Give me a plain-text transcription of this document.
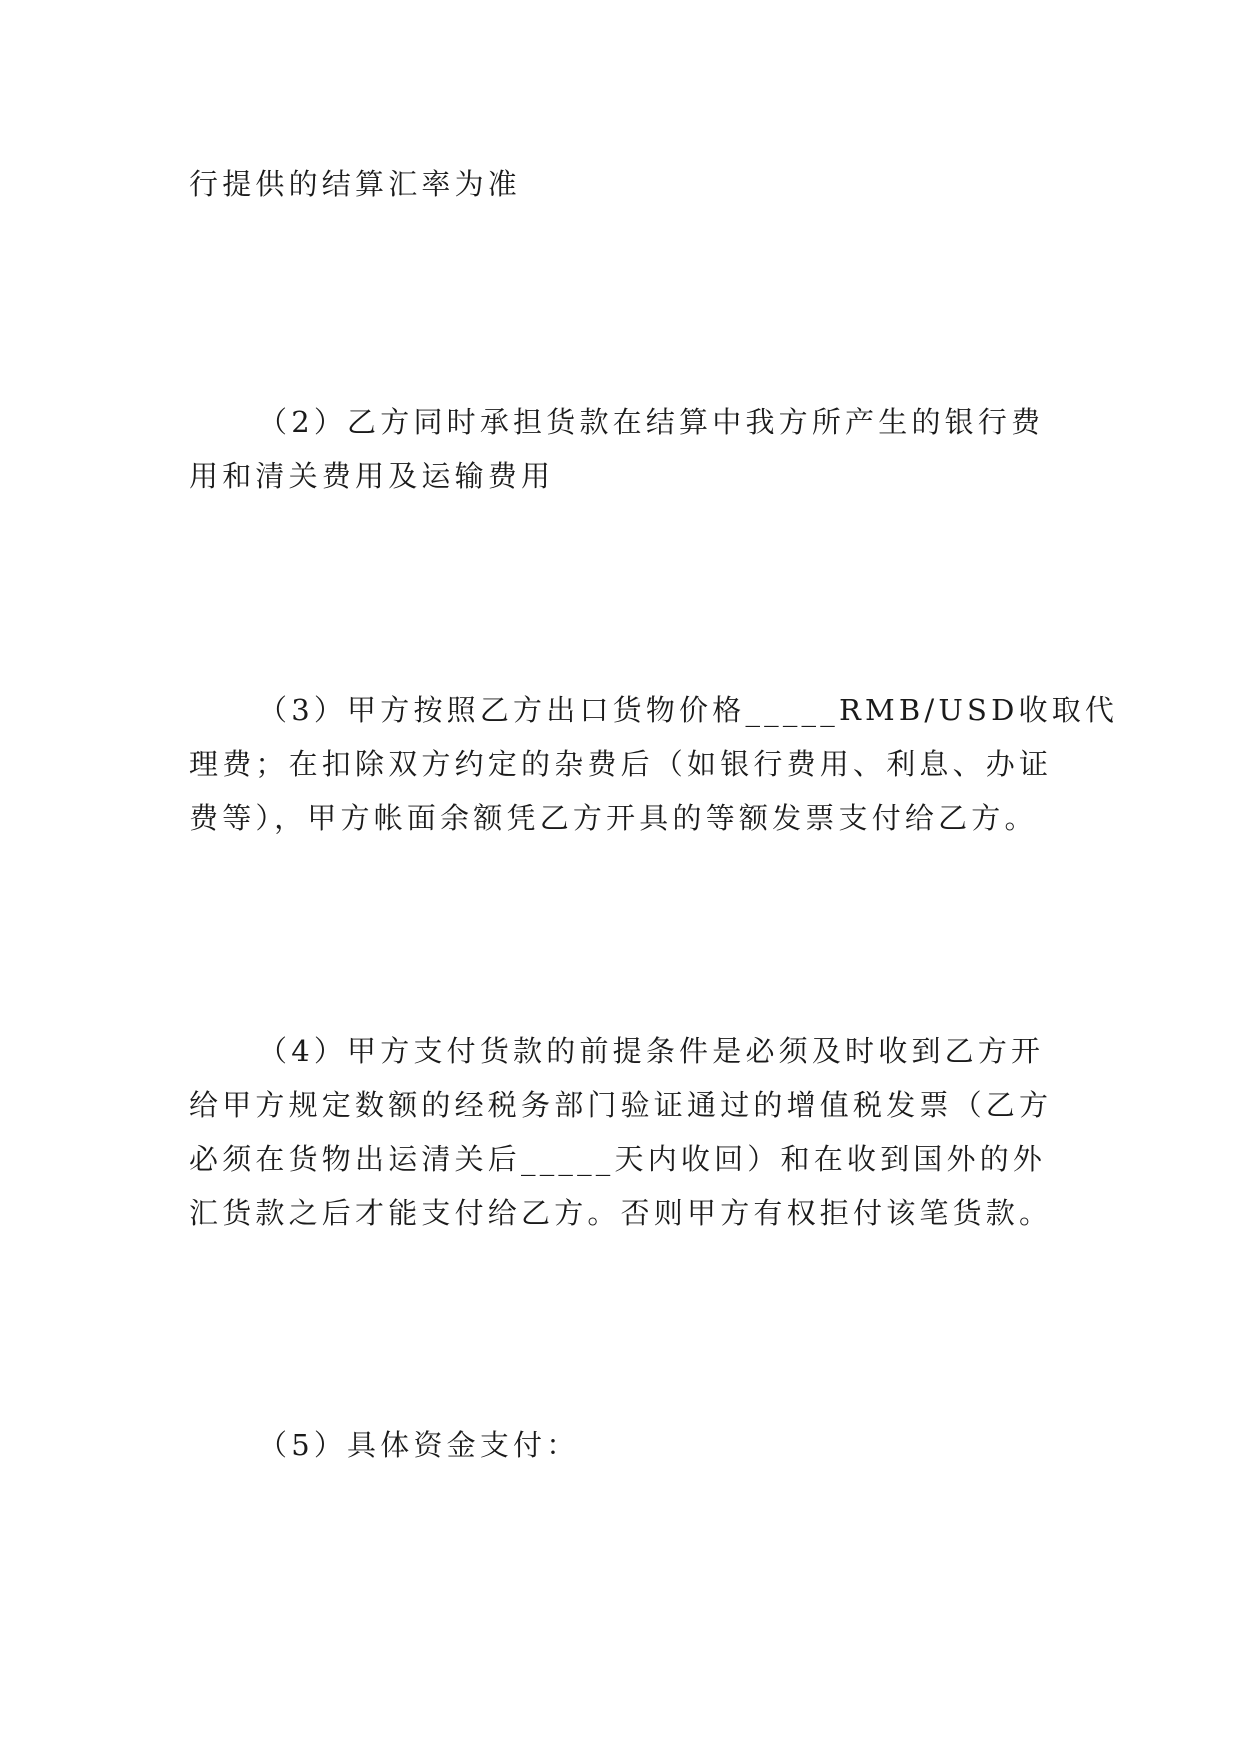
行提供的结算汇率为准

（2）乙方同时承担货款在结算中我方所产生的银行费

用和清关费用及运输费用

（3）甲方按照乙方出口货物价格_____RMB/USD收取代

理费；在扣除双方约定的杂费后（如银行费用、利息、办证

费等），甲方帐面余额凭乙方开具的等额发票支付给乙方。

（4）甲方支付货款的前提条件是必须及时收到乙方开

给甲方规定数额的经税务部门验证通过的增值税发票（乙方

必须在货物出运清关后_____天内收回）和在收到国外的外

汇货款之后才能支付给乙方。否则甲方有权拒付该笔货款。

（5）具体资金支付：
